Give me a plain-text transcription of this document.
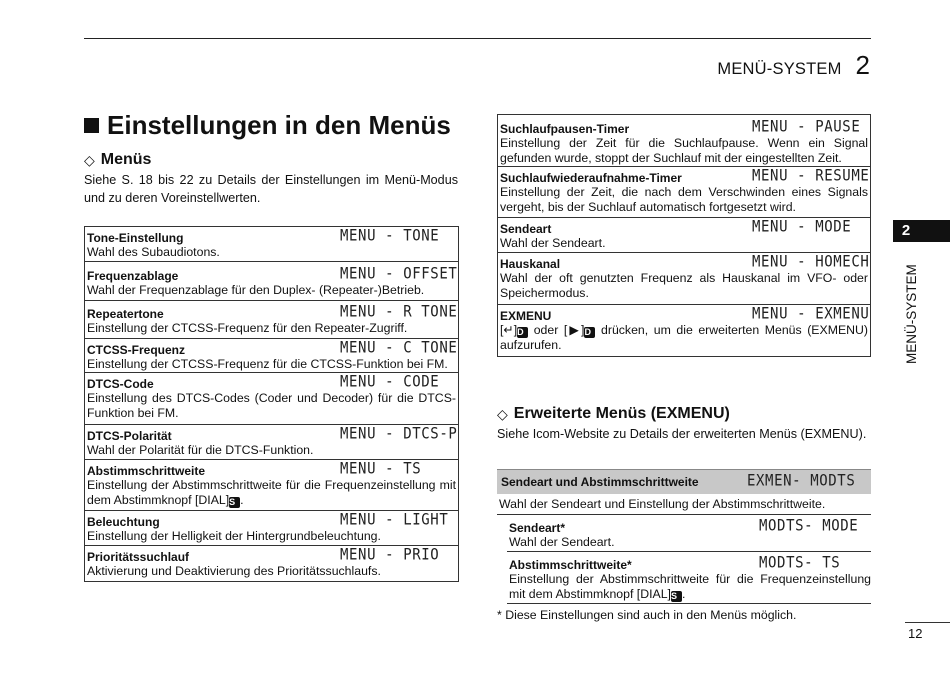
MENÜ-SYSTEM 2
Einstellungen in den Menüs
◇ Menüs
Siehe S. 18 bis 22 zu Details der Einstellungen im Menü-Modus und zu deren Voreinstellwerten.
Tone-Einstellung	MENU - TONE
Wahl des Subaudiotons.
Frequenzablage	MENU - OFFSET
Wahl der Frequenzablage für den Duplex- (Repeater-)Betrieb.
Repeatertone	MENU - R TONE
Einstellung der CTCSS-Frequenz für den Repeater-Zugriff.
CTCSS-Frequenz	MENU - C TONE
Einstellung der CTCSS-Frequenz für die CTCSS-Funktion bei FM.
DTCS-Code	MENU - CODE
Einstellung des DTCS-Codes (Coder und Decoder) für die DTCS-Funktion bei FM.
DTCS-Polarität	MENU - DTCS-P
Wahl der Polarität für die DTCS-Funktion.
Abstimmschrittweite	MENU - TS
Einstellung der Abstimmschrittweite für die Frequenzeinstellung mit dem Abstimmknopf [DIAL]S .
Beleuchtung	MENU - LIGHT
Einstellung der Helligkeit der Hintergrundbeleuchtung.
Prioritätssuchlauf	MENU - PRIO
Aktivierung und Deaktivierung des Prioritätssuchlaufs.
Suchlaufpausen-Timer	MENU - PAUSE
Einstellung der Zeit für die Suchlaufpause. Wenn ein Signal gefunden wurde, stoppt der Suchlauf mit der eingestellten Zeit.
Suchlaufwiederaufnahme-Timer	MENU - RESUME
Einstellung der Zeit, die nach dem Verschwinden eines Signals vergeht, bis der Suchlauf automatisch fortgesetzt wird.
Sendeart	MENU - MODE
Wahl der Sendeart.
Hauskanal	MENU - HOMECH
Wahl der oft genutzten Frequenz als Hauskanal im VFO- oder Speichermodus.
EXMENU	MENU - EXMENU
[↵]D oder [▶]D drücken, um die erweiterten Menüs (EXMENU) aufzurufen.
◇ Erweiterte Menüs (EXMENU)
Siehe Icom-Website zu Details der erweiterten Menüs (EXMENU).
Sendeart und Abstimmschrittweite	EXMEN- MODTS
Wahl der Sendeart und Einstellung der Abstimmschrittweite.
Sendeart*	MODTS- MODE
Wahl der Sendeart.
Abstimmschrittweite*	MODTS- TS
Einstellung der Abstimmschrittweite für die Frequenzeinstellung mit dem Abstimmknopf [DIAL]S .
* Diese Einstellungen sind auch in den Menüs möglich.
2
MENÜ-SYSTEM
12
